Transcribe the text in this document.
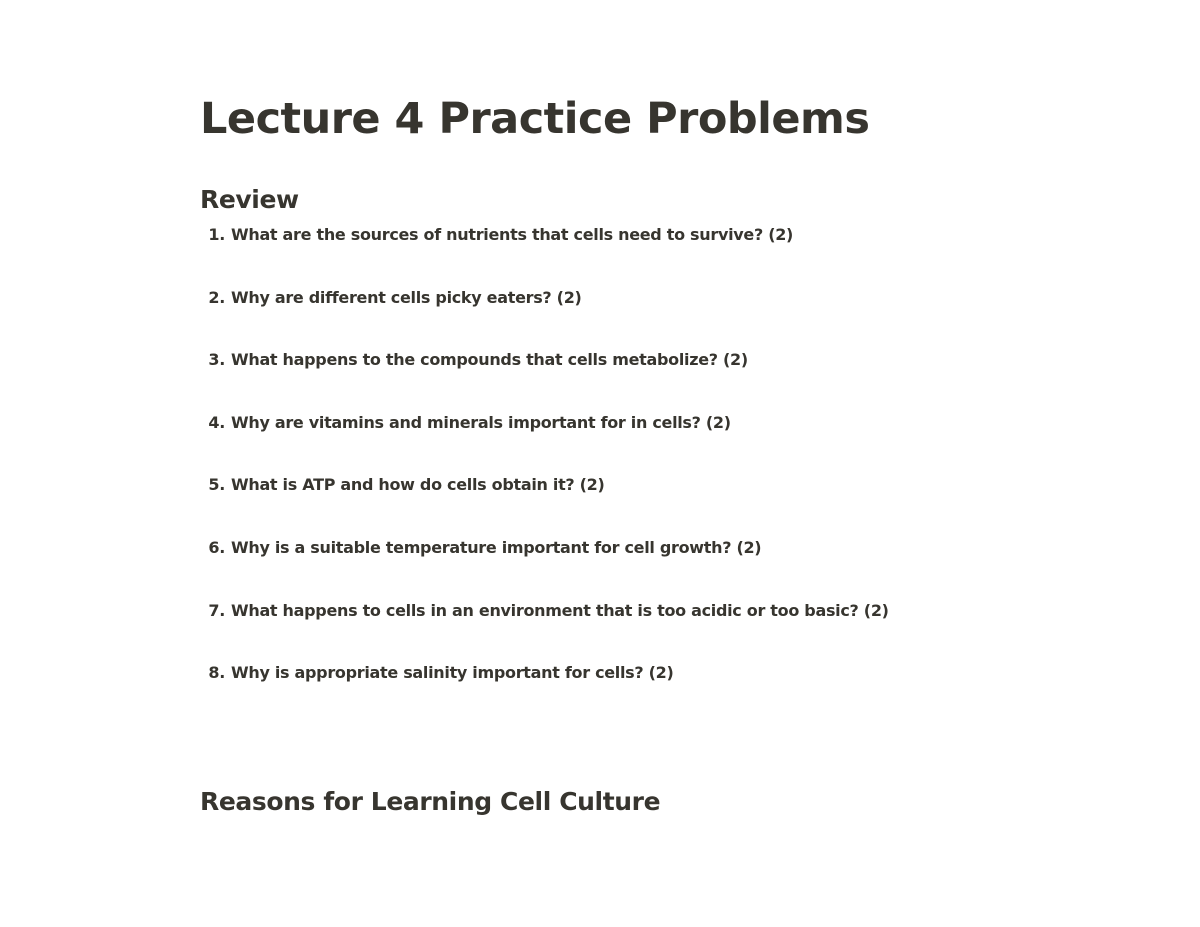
Lecture 4 Practice Problems
Review
1. What are the sources of nutrients that cells need to survive? (2)
2. Why are different cells picky eaters? (2)
3. What happens to the compounds that cells metabolize? (2)
4. Why are vitamins and minerals important for in cells? (2)
5. What is ATP and how do cells obtain it? (2)
6. Why is a suitable temperature important for cell growth? (2)
7. What happens to cells in an environment that is too acidic or too basic? (2)
8. Why is appropriate salinity important for cells? (2)
Reasons for Learning Cell Culture
